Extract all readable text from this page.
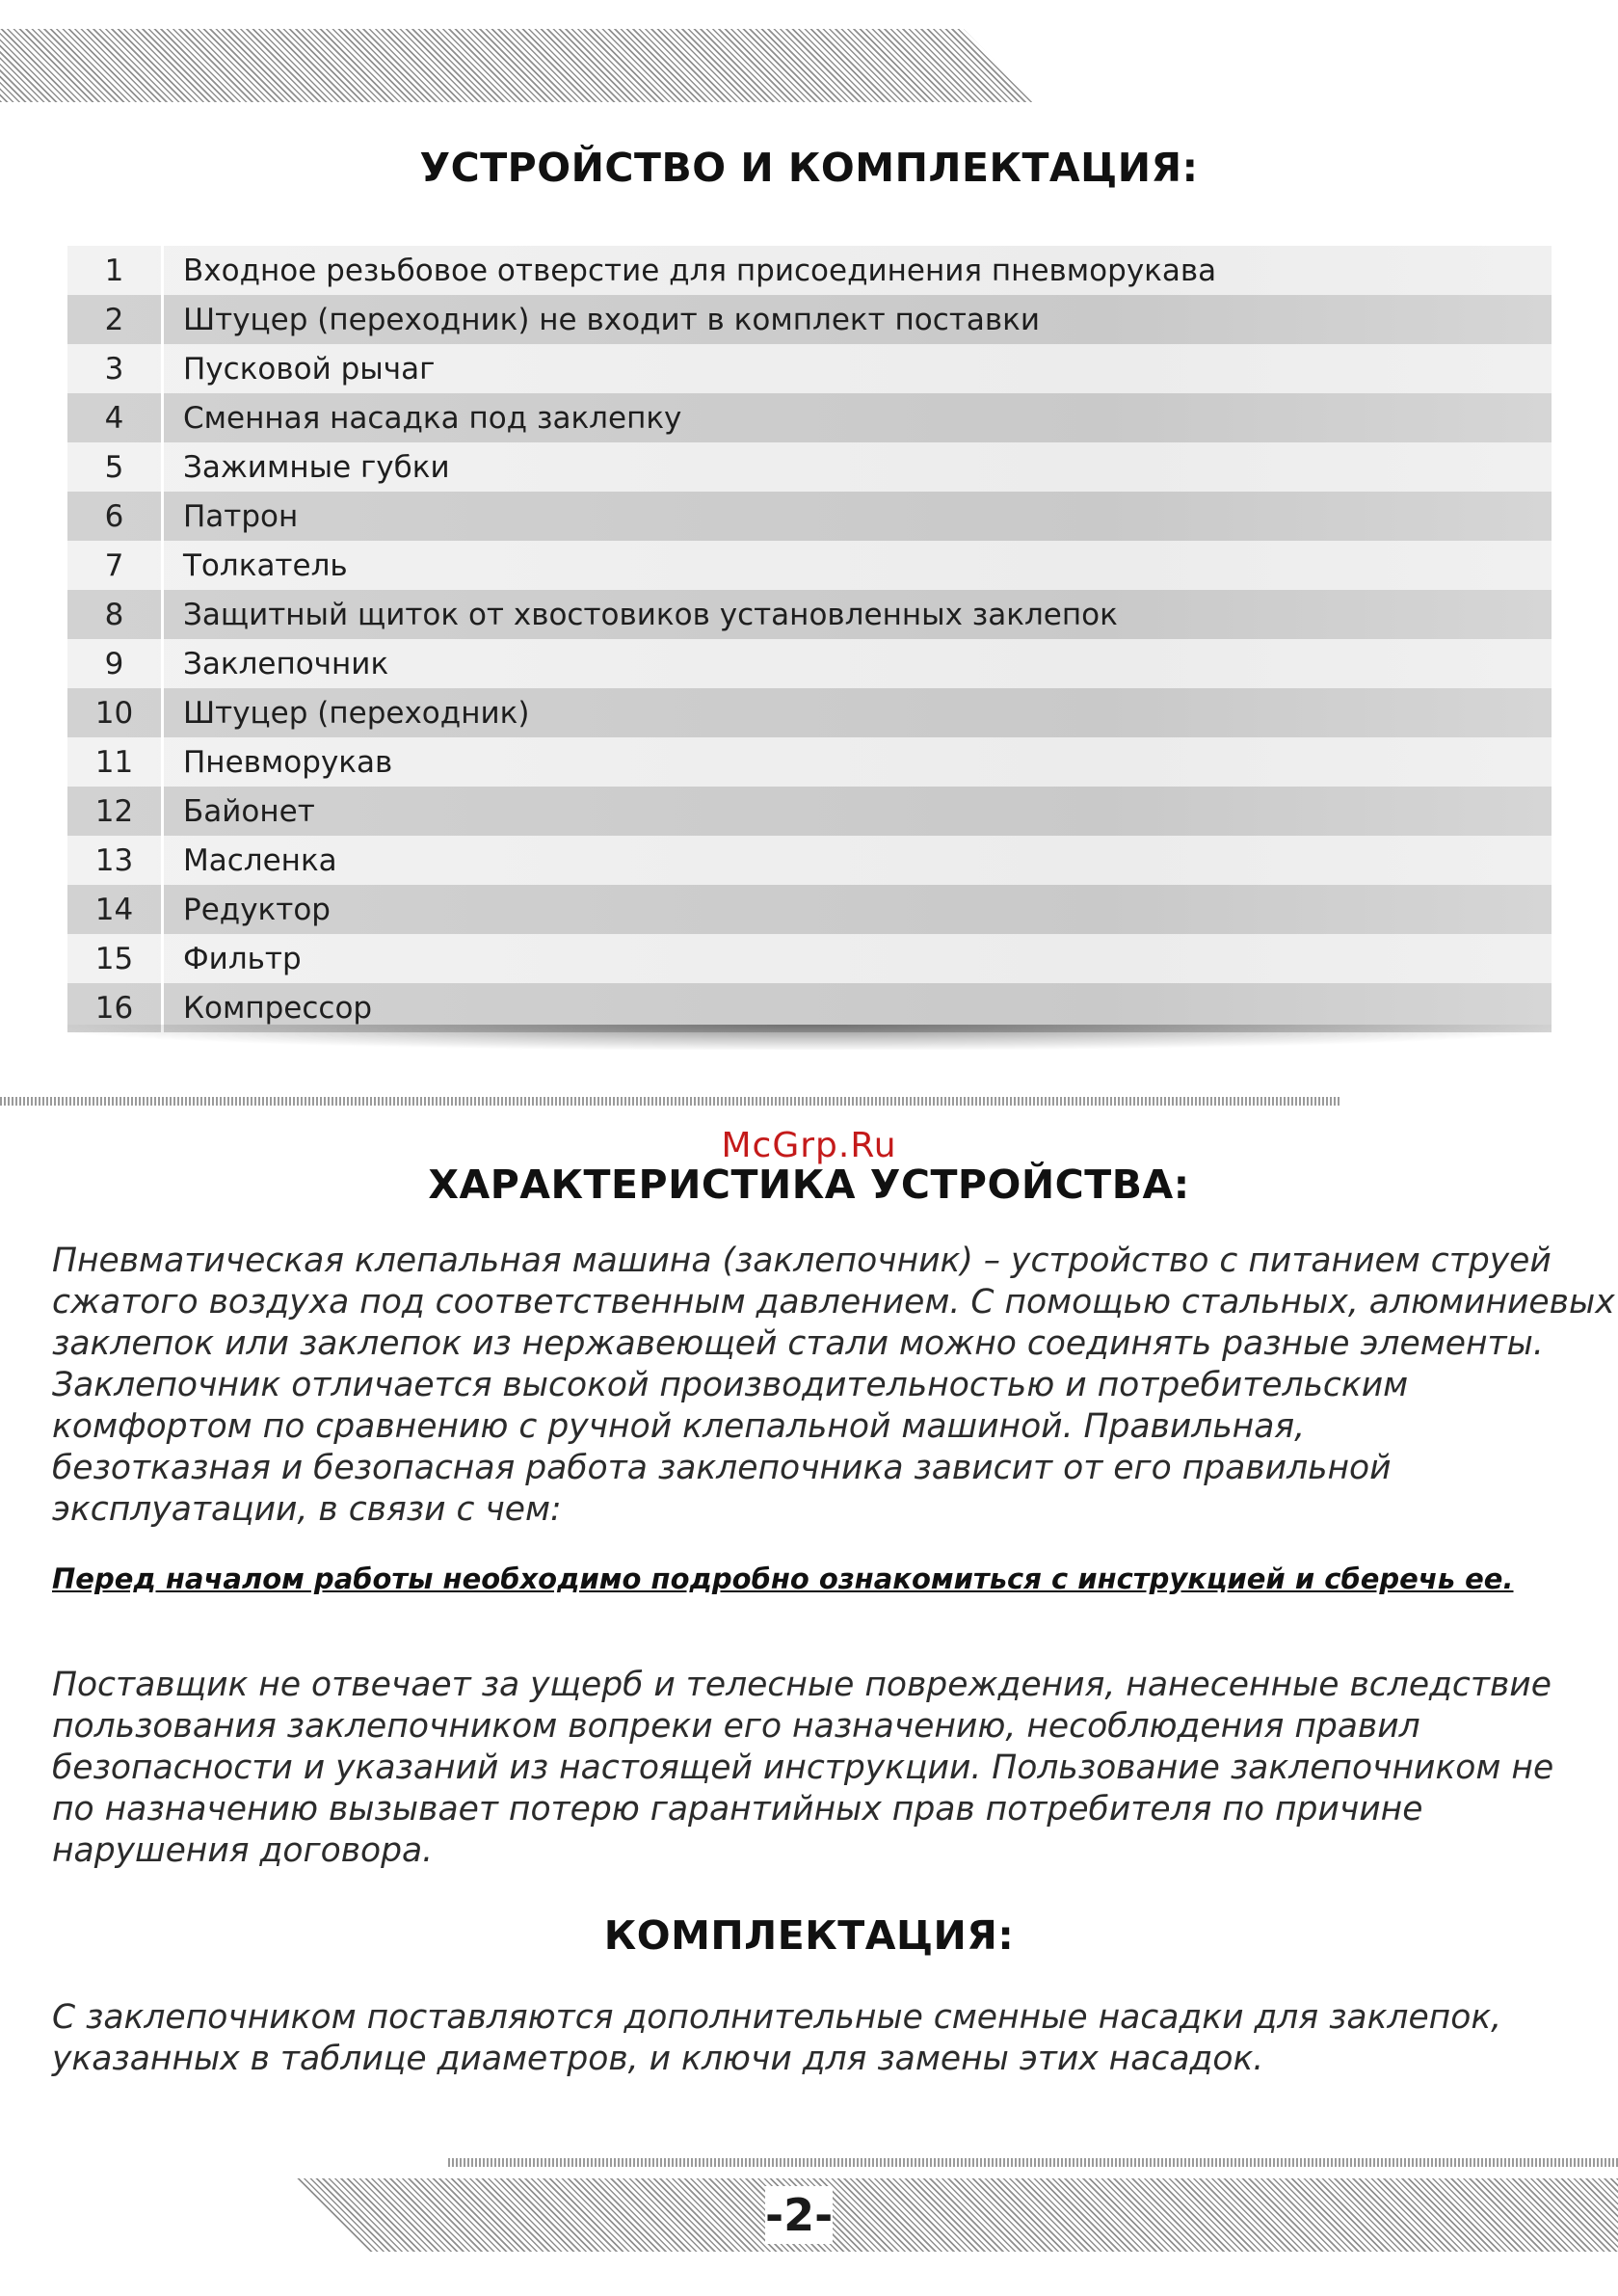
УСТРОЙСТВО И КОМПЛЕКТАЦИЯ:
1	Входное резьбовое отверстие для присоединения пневморукава
2	Штуцер (переходник) не входит в комплект поставки
3	Пусковой рычаг
4	Сменная насадка под заклепку
5	Зажимные губки
6	Патрон
7	Толкатель
8	Защитный щиток от хвостовиков установленных заклепок
9	Заклепочник
10	Штуцер (переходник)
11	Пневморукав
12	Байонет
13	Масленка
14	Редуктор
15	Фильтр
16	Компрессор
McGrp.Ru
ХАРАКТЕРИСТИКА УСТРОЙСТВА:
Пневматическая клепальная машина (заклепочник) – устройство с питанием струей
сжатого воздуха под соответственным давлением. С помощью стальных, алюминиевых
заклепок или заклепок из нержавеющей стали можно соединять разные элементы.
Заклепочник отличается высокой производительностью и потребительским
комфортом по сравнению с ручной клепальной машиной. Правильная,
безотказная и безопасная работа заклепочника зависит от его правильной
эксплуатации, в связи с чем:
Перед началом работы необходимо подробно ознакомиться с инструкцией и сберечь ее.
Поставщик не отвечает за ущерб и телесные повреждения, нанесенные вследствие
пользования заклепочником вопреки его назначению, несоблюдения правил
безопасности и указаний из настоящей инструкции. Пользование заклепочником не
по назначению вызывает потерю гарантийных прав потребителя по причине
нарушения договора.
КОМПЛЕКТАЦИЯ:
С заклепочником поставляются дополнительные сменные насадки для заклепок,
указанных в таблице диаметров, и ключи для замены этих насадок.
-2-
